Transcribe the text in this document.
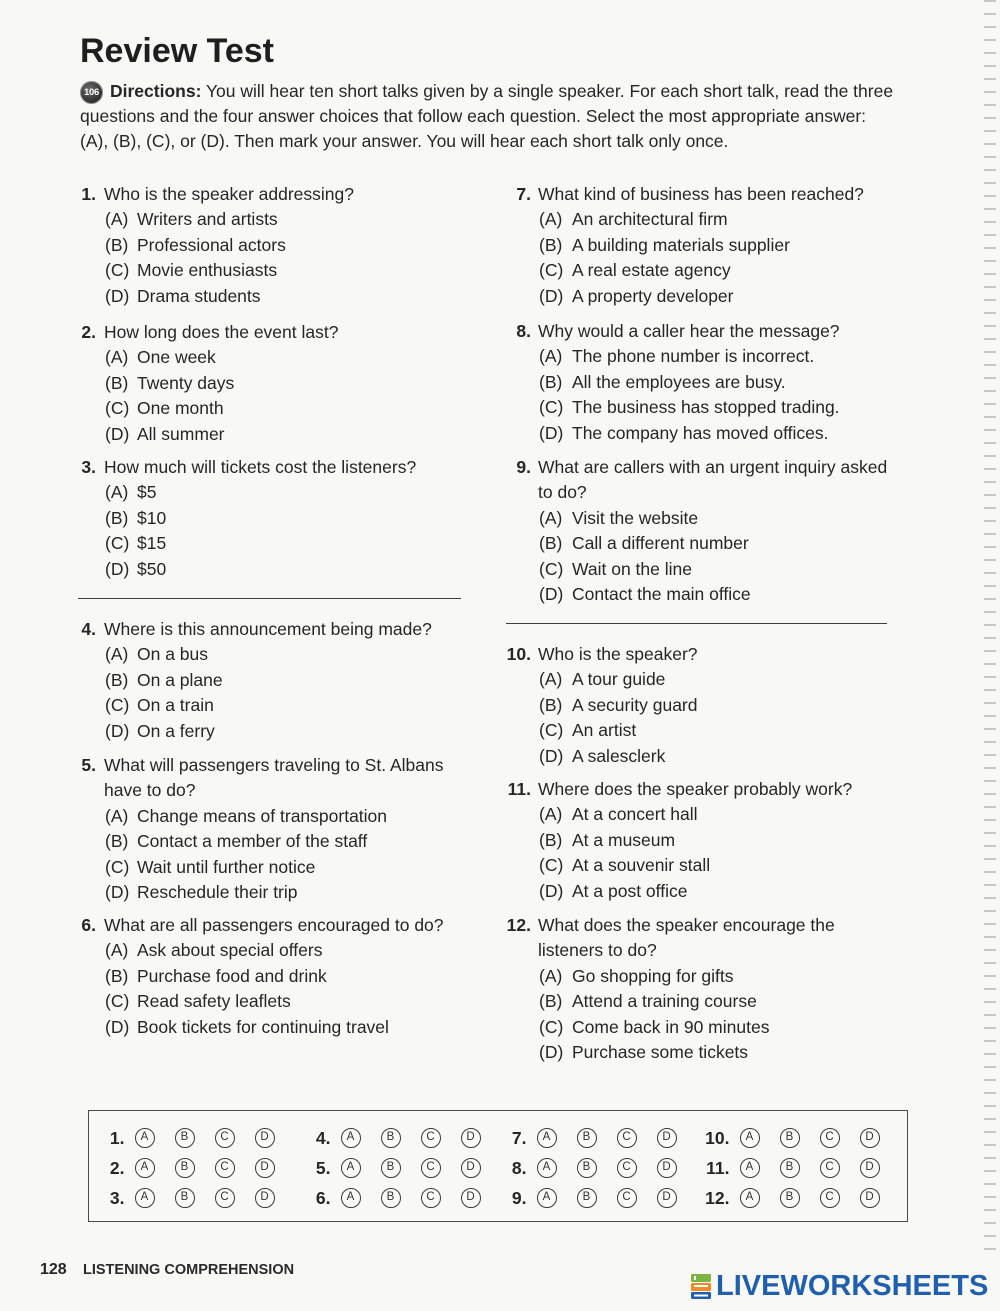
Review Test
106 Directions: You will hear ten short talks given by a single speaker. For each short talk, read the three
questions and the four answer choices that follow each question. Select the most appropriate answer:
(A), (B), (C), or (D). Then mark your answer. You will hear each short talk only once.
1. Who is the speaker addressing?
(A) Writers and artists
(B) Professional actors
(C) Movie enthusiasts
(D) Drama students
2. How long does the event last?
(A) One week
(B) Twenty days
(C) One month
(D) All summer
3. How much will tickets cost the listeners?
(A) $5
(B) $10
(C) $15
(D) $50
4. Where is this announcement being made?
(A) On a bus
(B) On a plane
(C) On a train
(D) On a ferry
5. What will passengers traveling to St. Albans
have to do?
(A) Change means of transportation
(B) Contact a member of the staff
(C) Wait until further notice
(D) Reschedule their trip
6. What are all passengers encouraged to do?
(A) Ask about special offers
(B) Purchase food and drink
(C) Read safety leaflets
(D) Book tickets for continuing travel
7. What kind of business has been reached?
(A) An architectural firm
(B) A building materials supplier
(C) A real estate agency
(D) A property developer
8. Why would a caller hear the message?
(A) The phone number is incorrect.
(B) All the employees are busy.
(C) The business has stopped trading.
(D) The company has moved offices.
9. What are callers with an urgent inquiry asked
to do?
(A) Visit the website
(B) Call a different number
(C) Wait on the line
(D) Contact the main office
10. Who is the speaker?
(A) A tour guide
(B) A security guard
(C) An artist
(D) A salesclerk
11. Where does the speaker probably work?
(A) At a concert hall
(B) At a museum
(C) At a souvenir stall
(D) At a post office
12. What does the speaker encourage the
listeners to do?
(A) Go shopping for gifts
(B) Attend a training course
(C) Come back in 90 minutes
(D) Purchase some tickets
1.	A	B	C	D
2.	A	B	C	D
3.	A	B	C	D
4.	A	B	C	D
5.	A	B	C	D
6.	A	B	C	D
7.	A	B	C	D
8.	A	B	C	D
9.	A	B	C	D
10.	A	B	C	D
11.	A	B	C	D
12.	A	B	C	D
128 LISTENING COMPREHENSION	LIVEWORKSHEETS
